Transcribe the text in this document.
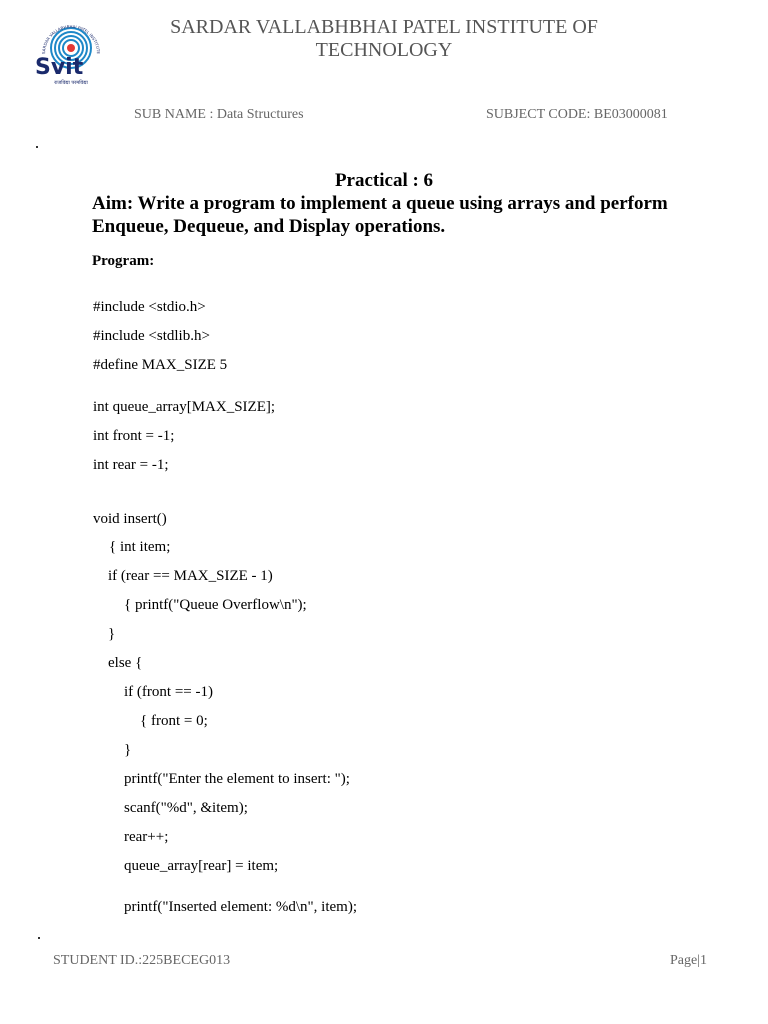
SARDAR VALLABHBHAI PATEL INSTITUTE
Svit
राजविद्या परमविद्या
SARDAR VALLABHBHAI PATEL INSTITUTE OF TECHNOLOGY
SUB NAME : Data Structures	SUBJECT CODE: BE03000081
Practical : 6
Aim: Write a program to implement a queue using arrays and perform Enqueue, Dequeue, and Display operations.
Program:
#include <stdio.h>
#include <stdlib.h>
#define MAX_SIZE 5
int queue_array[MAX_SIZE];
int front = -1;
int rear = -1;
void insert()
{ int item;
if (rear == MAX_SIZE - 1)
{ printf("Queue Overflow\n");
}
else {
if (front == -1)
{ front = 0;
}
printf("Enter the element to insert: ");
scanf("%d", &item);
rear++;
queue_array[rear] = item;
printf("Inserted element: %d\n", item);
STUDENT ID.:225BECEG013	Page|1
